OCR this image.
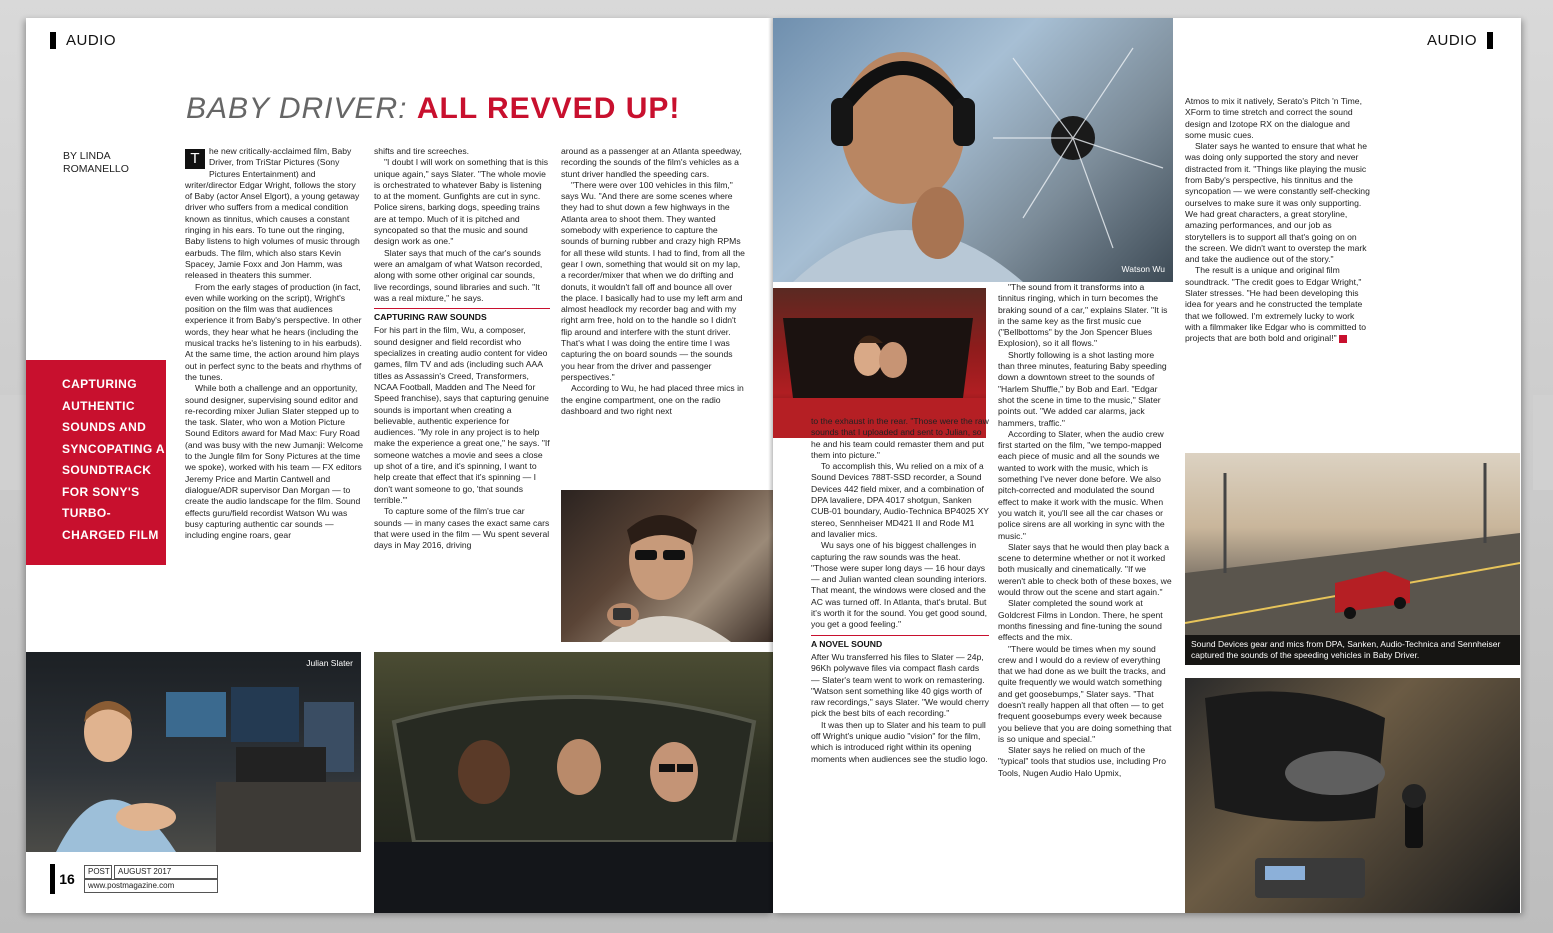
AUDIO
BABY DRIVER: ALL REVVED UP!
BY LINDA ROMANELLO
CAPTURING AUTHENTIC SOUNDS AND SYNCOPATING A SOUNDTRACK FOR SONY'S TURBO-CHARGED FILM

T	he new critically-acclaimed film, Baby Driver, from TriStar Pictures (Sony Pictures Entertainment) and writer/director Edgar Wright, follows the story of Baby (actor Ansel Elgort), a young getaway driver who suffers from a medical condition known as tinnitus, which causes a constant ringing in his ears. To tune out the ringing, Baby listens to high volumes of music through earbuds. The film, which also stars Kevin Spacey, Jamie Foxx and Jon Hamm, was released in theaters this summer.

From the early stages of production (in fact, even while working on the script), Wright's position on the film was that audiences experience it from Baby's perspective. In other words, they hear what he hears (including the musical tracks he's listening to in his earbuds). At the same time, the action around him plays out in perfect sync to the beats and rhythms of the tunes.

While both a challenge and an opportunity, sound designer, supervising sound editor and re-recording mixer Julian Slater stepped up to the task. Slater, who won a Motion Picture Sound Editors award for Mad Max: Fury Road (and was busy with the new Jumanji: Welcome to the Jungle film for Sony Pictures at the time we spoke), worked with his team — FX editors Jeremy Price and Martin Cantwell and dialogue/ADR supervisor Dan Morgan — to create the audio landscape for the film. Sound effects guru/field recordist Watson Wu was busy capturing authentic car sounds — including engine roars, gear

shifts and tire screeches.

"I doubt I will work on something that is this unique again," says Slater. "The whole movie is orchestrated to whatever Baby is listening to at the moment. Gunfights are cut in sync. Police sirens, barking dogs, speeding trains are at tempo. Much of it is pitched and syncopated so that the music and sound design work as one."

Slater says that much of the car's sounds were an amalgam of what Watson recorded, along with some other original car sounds, live recordings, sound libraries and such. "It was a real mixture," he says.

CAPTURING RAW SOUNDS

For his part in the film, Wu, a composer, sound designer and field recordist who specializes in creating audio content for video games, film TV and ads (including such AAA titles as Assassin's Creed, Transformers, NCAA Football, Madden and The Need for Speed franchise), says that capturing genuine sounds is important when creating a believable, authentic experience for audiences. "My role in any project is to help make the experience a great one," he says. "If someone watches a movie and sees a close up shot of a tire, and it's spinning, I want to help create that effect that it's spinning — I don't want someone to go, 'that sounds terrible.'"

To capture some of the film's true car sounds — in many cases the exact same cars that were used in the film — Wu spent several days in May 2016, driving

around as a passenger at an Atlanta speedway, recording the sounds of the film's vehicles as a stunt driver handled the speeding cars.

"There were over 100 vehicles in this film," says Wu. "And there are some scenes where they had to shut down a few highways in the Atlanta area to shoot them. They wanted somebody with experience to capture the sounds of burning rubber and crazy high RPMs for all these wild stunts. I had to find, from all the gear I own, something that would sit on my lap, a recorder/mixer that when we do drifting and donuts, it wouldn't fall off and bounce all over the place. I basically had to use my left arm and almost headlock my recorder bag and with my right arm free, hold on to the handle so I didn't flip around and interfere with the stunt driver. That's what I was doing the entire time I was capturing the on board sounds — the sounds you hear from the driver and passenger perspectives."

According to Wu, he had placed three mics in the engine compartment, one on the radio dashboard and two right next

Julian Slater
16	POST	AUGUST 2017
www.postmagazine.com
AUDIO
Watson Wu

to the exhaust in the rear. "Those were the raw sounds that I uploaded and sent to Julian, so he and his team could remaster them and put them into picture."

To accomplish this, Wu relied on a mix of a Sound Devices 788T-SSD recorder, a Sound Devices 442 field mixer, and a combination of DPA lavaliere, DPA 4017 shotgun, Sanken CUB-01 boundary, Audio-Technica BP4025 XY stereo, Sennheiser MD421 II and Rode M1 and lavalier mics.

Wu says one of his biggest challenges in capturing the raw sounds was the heat. "Those were super long days — 16 hour days — and Julian wanted clean sounding interiors. That meant, the windows were closed and the AC was turned off. In Atlanta, that's brutal. But it's worth it for the sound. You get good sound, you get a good feeling."

A NOVEL SOUND

After Wu transferred his files to Slater — 24p, 96Kh polywave files via compact flash cards — Slater's team went to work on remastering. "Watson sent something like 40 gigs worth of raw recordings," says Slater. "We would cherry pick the best bits of each recording."

It was then up to Slater and his team to pull off Wright's unique audio "vision" for the film, which is introduced right within its opening moments when audiences see the studio logo.

"The sound from it transforms into a tinnitus ringing, which in turn becomes the braking sound of a car," explains Slater. "It is in the same key as the first music cue ("Bellbottoms" by the Jon Spencer Blues Explosion), so it all flows."

Shortly following is a shot lasting more than three minutes, featuring Baby speeding down a downtown street to the sounds of "Harlem Shuffle," by Bob and Earl. "Edgar shot the scene in time to the music," Slater points out. "We added car alarms, jack hammers, traffic."

According to Slater, when the audio crew first started on the film, "we tempo-mapped each piece of music and all the sounds we wanted to work with the music, which is something I've never done before. We also pitch-corrected and modulated the sound effect to make it work with the music. When you watch it, you'll see all the car chases or police sirens are all working in sync with the music."

Slater says that he would then play back a scene to determine whether or not it worked both musically and cinematically. "If we weren't able to check both of these boxes, we would throw out the scene and start again."

Slater completed the sound work at Goldcrest Films in London. There, he spent months finessing and fine-tuning the sound effects and the mix.

"There would be times when my sound crew and I would do a review of everything that we had done as we built the tracks, and quite frequently we would watch something and get goosebumps," Slater says. "That doesn't really happen all that often — to get frequent goosebumps every week because you believe that you are doing something that is so unique and special."

Slater says he relied on much of the "typical" tools that studios use, including Pro Tools, Nugen Audio Halo Upmix,

Atmos to mix it natively, Serato's Pitch 'n Time, XForm to time stretch and correct the sound design and Izotope RX on the dialogue and some music cues.

Slater says he wanted to ensure that what he was doing only supported the story and never distracted from it. "Things like playing the music from Baby's perspective, his tinnitus and the syncopation — we were constantly self-checking ourselves to make sure it was only supporting. We had great characters, a great storyline, amazing performances, and our job as storytellers is to support all that's going on on the screen. We didn't want to overstep the mark and take the audience out of the story."

The result is a unique and original film soundtrack. "The credit goes to Edgar Wright," Slater stresses. "He had been developing this idea for years and he constructed the template that we followed. I'm extremely lucky to work with a filmmaker like Edgar who is committed to projects that are both bold and original!"

Sound Devices gear and mics from DPA, Sanken, Audio-Technica and Sennheiser captured the sounds of the speeding vehicles in Baby Driver.
